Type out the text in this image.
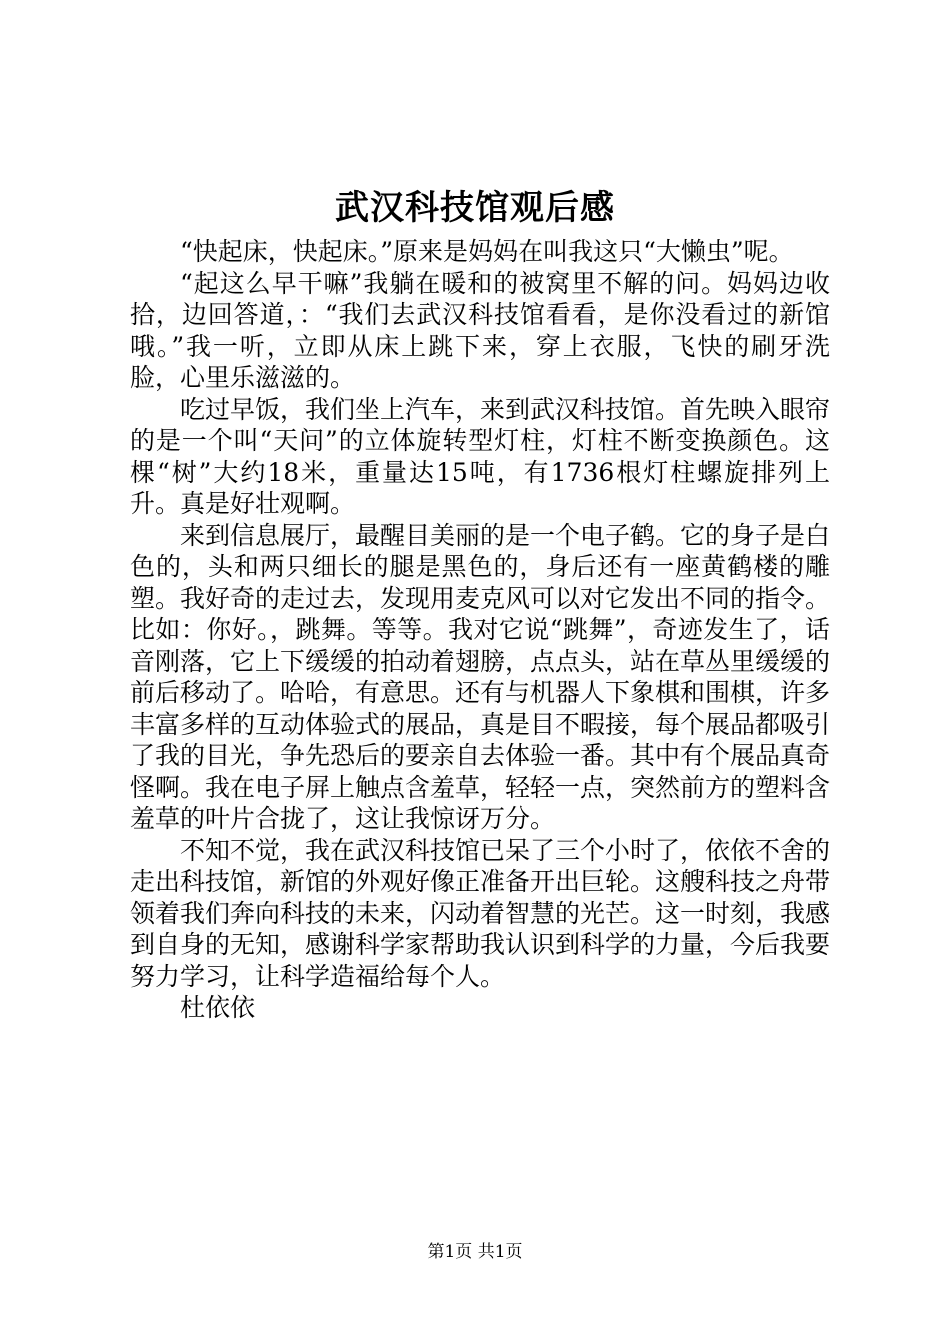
武汉科技馆观后感

“快起床，快起床。”原来是妈妈在叫我这只“大懒虫”呢。

“起这么早干嘛”我躺在暖和的被窝里不解的问。妈妈边收拾，边回答道，：“我们去武汉科技馆看看，是你没看过的新馆哦。”我一听，立即从床上跳下来，穿上衣服，飞快的刷牙洗脸，心里乐滋滋的。

吃过早饭，我们坐上汽车，来到武汉科技馆。首先映入眼帘的是一个叫“天问”的立体旋转型灯柱，灯柱不断变换颜色。这棵“树”大约18米，重量达15吨，有1736根灯柱螺旋排列上升。真是好壮观啊。

来到信息展厅，最醒目美丽的是一个电子鹤。它的身子是白色的，头和两只细长的腿是黑色的，身后还有一座黄鹤楼的雕塑。我好奇的走过去，发现用麦克风可以对它发出不同的指令。比如：你好。，跳舞。等等。我对它说“跳舞”，奇迹发生了，话音刚落，它上下缓缓的拍动着翅膀，点点头，站在草丛里缓缓的前后移动了。哈哈，有意思。还有与机器人下象棋和围棋，许多丰富多样的互动体验式的展品，真是目不暇接，每个展品都吸引了我的目光，争先恐后的要亲自去体验一番。其中有个展品真奇怪啊。我在电子屏上触点含羞草，轻轻一点，突然前方的塑料含羞草的叶片合拢了，这让我惊讶万分。

不知不觉，我在武汉科技馆已呆了三个小时了，依依不舍的走出科技馆，新馆的外观好像正准备开出巨轮。这艘科技之舟带领着我们奔向科技的未来，闪动着智慧的光芒。这一时刻，我感到自身的无知，感谢科学家帮助我认识到科学的力量，今后我要努力学习，让科学造福给每个人。

杜依依

第1页 共1页
